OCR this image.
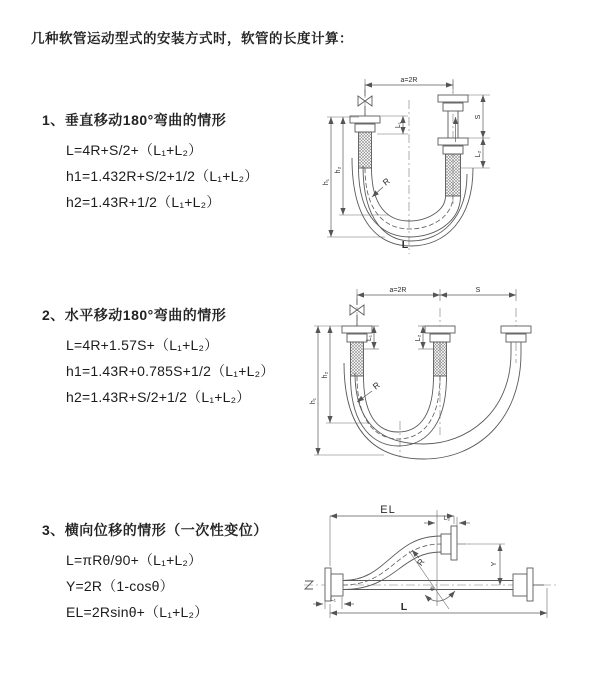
几种软管运动型式的安装方式时，软管的长度计算：
1、垂直移动180°弯曲的情形
L=4R+S/2+（L₁+L₂）
h1=1.432R+S/2+1/2（L₁+L₂）
h2=1.43R+1/2（L₁+L₂）
2、水平移动180°弯曲的情形
L=4R+1.57S+（L₁+L₂）
h1=1.43R+0.785S+1/2（L₁+L₂）
h2=1.43R+S/2+1/2（L₁+L₂）
3、横向位移的情形（一次性变位）
L=πRθ/90+（L₁+L₂）
Y=2R（1-cosθ）
EL=2Rsinθ+（L₁+L₂）
a=2R
R
L
h₁
h₂
L₁
S
L₂
a=2R	S
R
h₁
h₂
L₁	L₂
EL
L₂
R
θ
Y
L
L₁
